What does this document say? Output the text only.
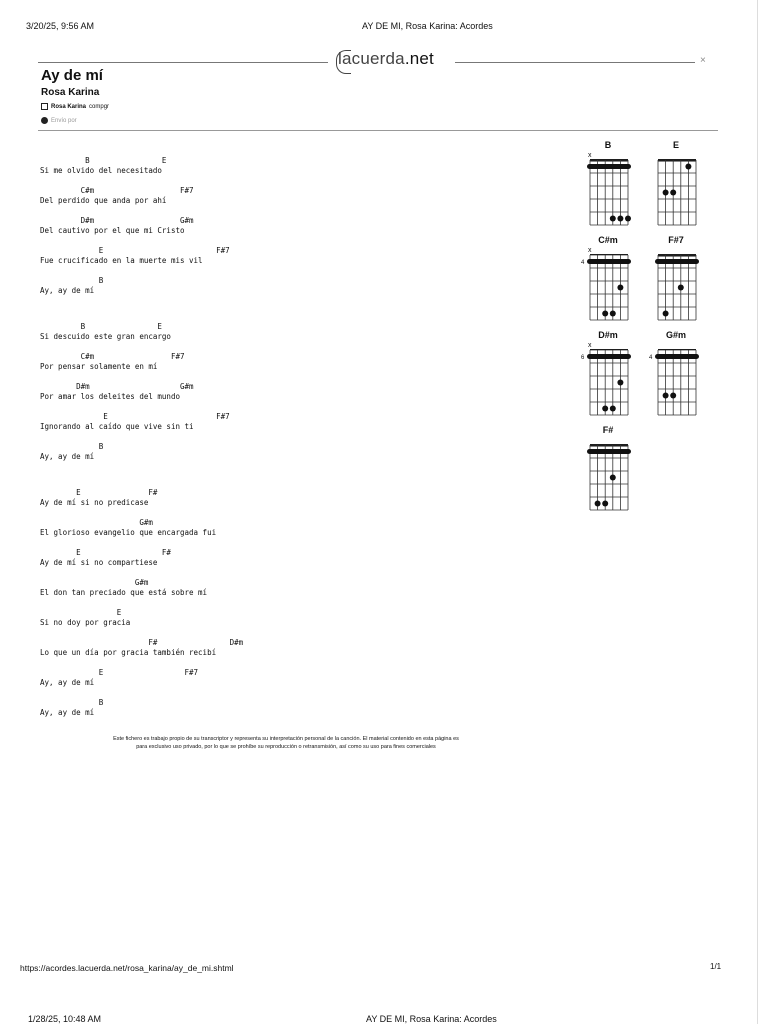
3/20/25, 9:56 AM	AY DE MI, Rosa Karina: Acordes
lacuerda.net	×
Ay de mí
Rosa Karina
Rosa Karina compgr
Envío por
B                E
Si me olvido del necesitado
C#m                   F#7
Del perdido que anda por ahí
D#m                   G#m
Del cautivo por el que mi Cristo
E                         F#7
Fue crucificado en la muerte mis vil
B
Ay, ay de mí
B                E
Si descuido este gran encargo
C#m                 F#7
Por pensar solamente en mí
D#m                    G#m
Por amar los deleites del mundo
E                        F#7
Ignorando al caído que vive sin ti
B
Ay, ay de mí
E               F#
Ay de mí si no predicase
G#m
El glorioso evangelio que encargada fui
E                  F#
Ay de mí si no compartiese
G#m
El don tan preciado que está sobre mí
E
Si no doy por gracia
F#                D#m
Lo que un día por gracia también recibí
E                  F#7
Ay, ay de mí
B
Ay, ay de mí
B
x
E
C#m
x
4
F#7
D#m
x
6
G#m
4
F#
Este fichero es trabajo propio de su transcriptor y representa su interpretación personal de la canción. El material contenido en esta página es
para exclusivo uso privado, por lo que se prohíbe su reproducción o retransmisión, así como su uso para fines comerciales
https://acordes.lacuerda.net/rosa_karina/ay_de_mi.shtml	1/1
1/28/25, 10:48 AM	AY DE MI, Rosa Karina: Acordes
